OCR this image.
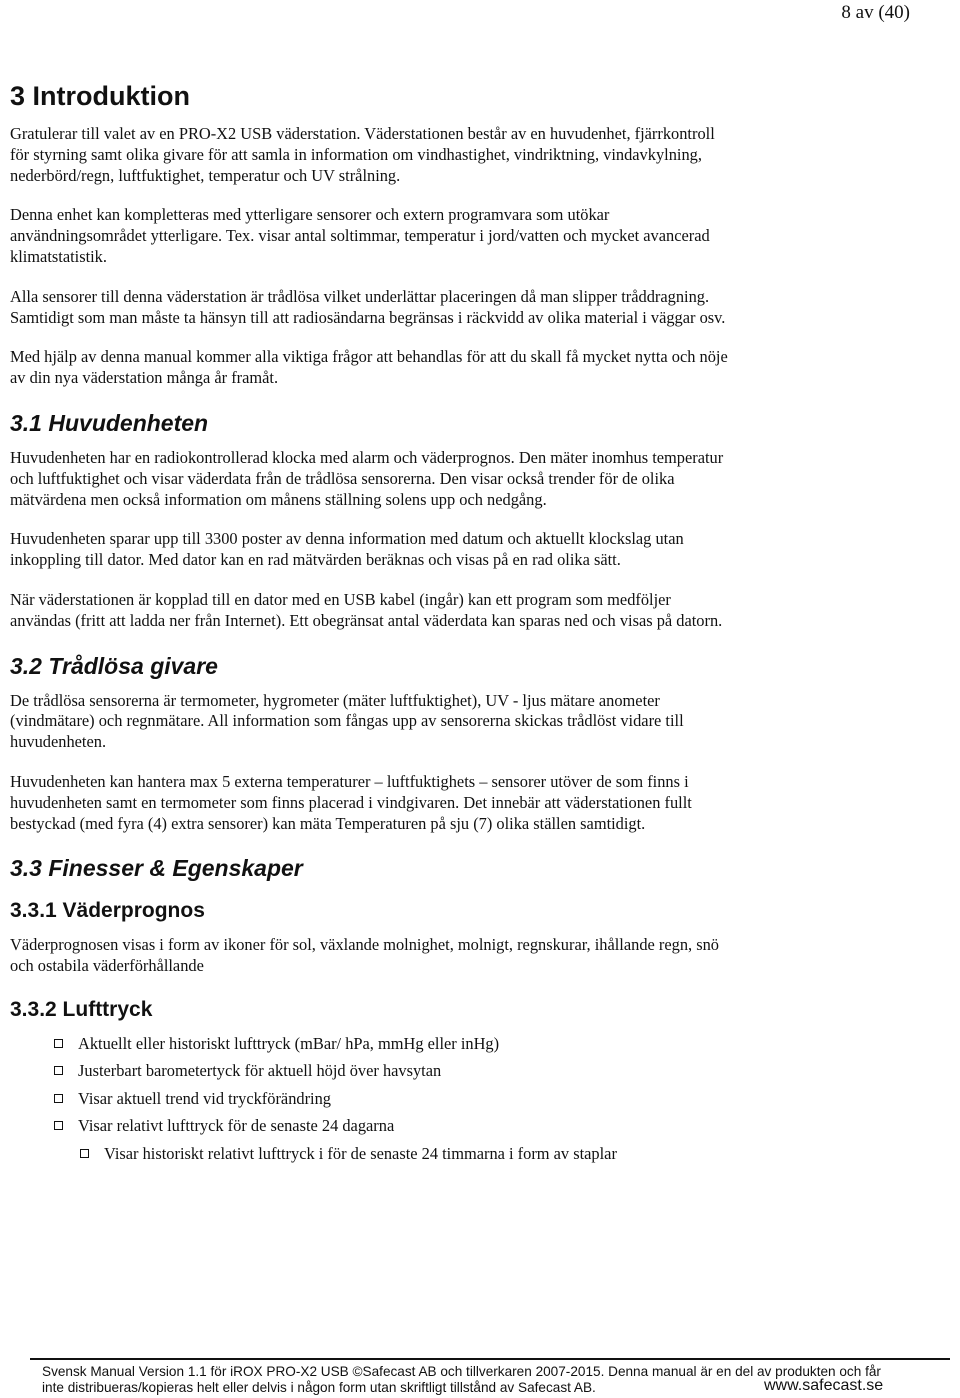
8 av (40)
3 Introduktion

Gratulerar till valet av en PRO-X2 USB väderstation. Väderstationen består av en huvudenhet, fjärrkontroll för styrning samt olika givare för att samla in information om vindhastighet, vindriktning, vindavkylning, nederbörd/regn, luftfuktighet, temperatur och UV strålning.

Denna enhet kan kompletteras med ytterligare sensorer och extern programvara som utökar användningsområdet ytterligare. Tex. visar antal soltimmar, temperatur i jord/vatten och mycket avancerad klimatstatistik.

Alla sensorer till denna väderstation är trådlösa vilket underlättar placeringen då man slipper tråddragning. Samtidigt som man måste ta hänsyn till att radiosändarna begränsas i räckvidd av olika material i väggar osv.

Med hjälp av denna manual kommer alla viktiga frågor att behandlas för att du skall få mycket nytta och nöje av din nya väderstation många år framåt.

3.1 Huvudenheten

Huvudenheten har en radiokontrollerad klocka med alarm och väderprognos. Den mäter inomhus temperatur och luftfuktighet och visar väderdata från de trådlösa sensorerna. Den visar också trender för de olika mätvärdena men också information om månens ställning solens upp och nedgång.

Huvudenheten sparar upp till 3300 poster av denna information med datum och aktuellt klockslag utan inkoppling till dator. Med dator kan en rad mätvärden beräknas och visas på en rad olika sätt.

När väderstationen är kopplad till en dator med en USB kabel (ingår) kan ett program som medföljer användas (fritt att ladda ner från Internet). Ett obegränsat antal väderdata kan sparas ned och visas på datorn.

3.2 Trådlösa givare

De trådlösa sensorerna är termometer, hygrometer (mäter luftfuktighet), UV - ljus mätare anometer (vindmätare) och regnmätare. All information som fångas upp av sensorerna skickas trådlöst vidare till huvudenheten.

Huvudenheten kan hantera max 5 externa temperaturer – luftfuktighets – sensorer utöver de som finns i huvudenheten samt en termometer som finns placerad i vindgivaren. Det innebär att väderstationen fullt bestyckad (med fyra (4) extra sensorer) kan mäta Temperaturen på sju (7) olika ställen samtidigt.

3.3 Finesser & Egenskaper
3.3.1 Väderprognos

Väderprognosen visas i form av ikoner för sol, växlande molnighet, molnigt, regnskurar, ihållande regn, snö och ostabila väderförhållande

3.3.2 Lufttryck
Aktuellt eller historiskt lufttryck (mBar/ hPa, mmHg eller inHg)
Justerbart barometertyck för aktuell höjd över havsytan
Visar aktuell trend vid tryckförändring
Visar relativt lufttryck för de senaste 24 dagarna
Visar historiskt relativt lufttryck i för de senaste 24 timmarna i form av staplar
Svensk Manual Version 1.1 för iROX PRO-X2 USB ©Safecast AB och tillverkaren 2007-2015. Denna manual är en del av produkten och får
inte distribueras/kopieras helt eller delvis i någon form utan skriftligt tillstånd av Safecast AB.	www.safecast.se
